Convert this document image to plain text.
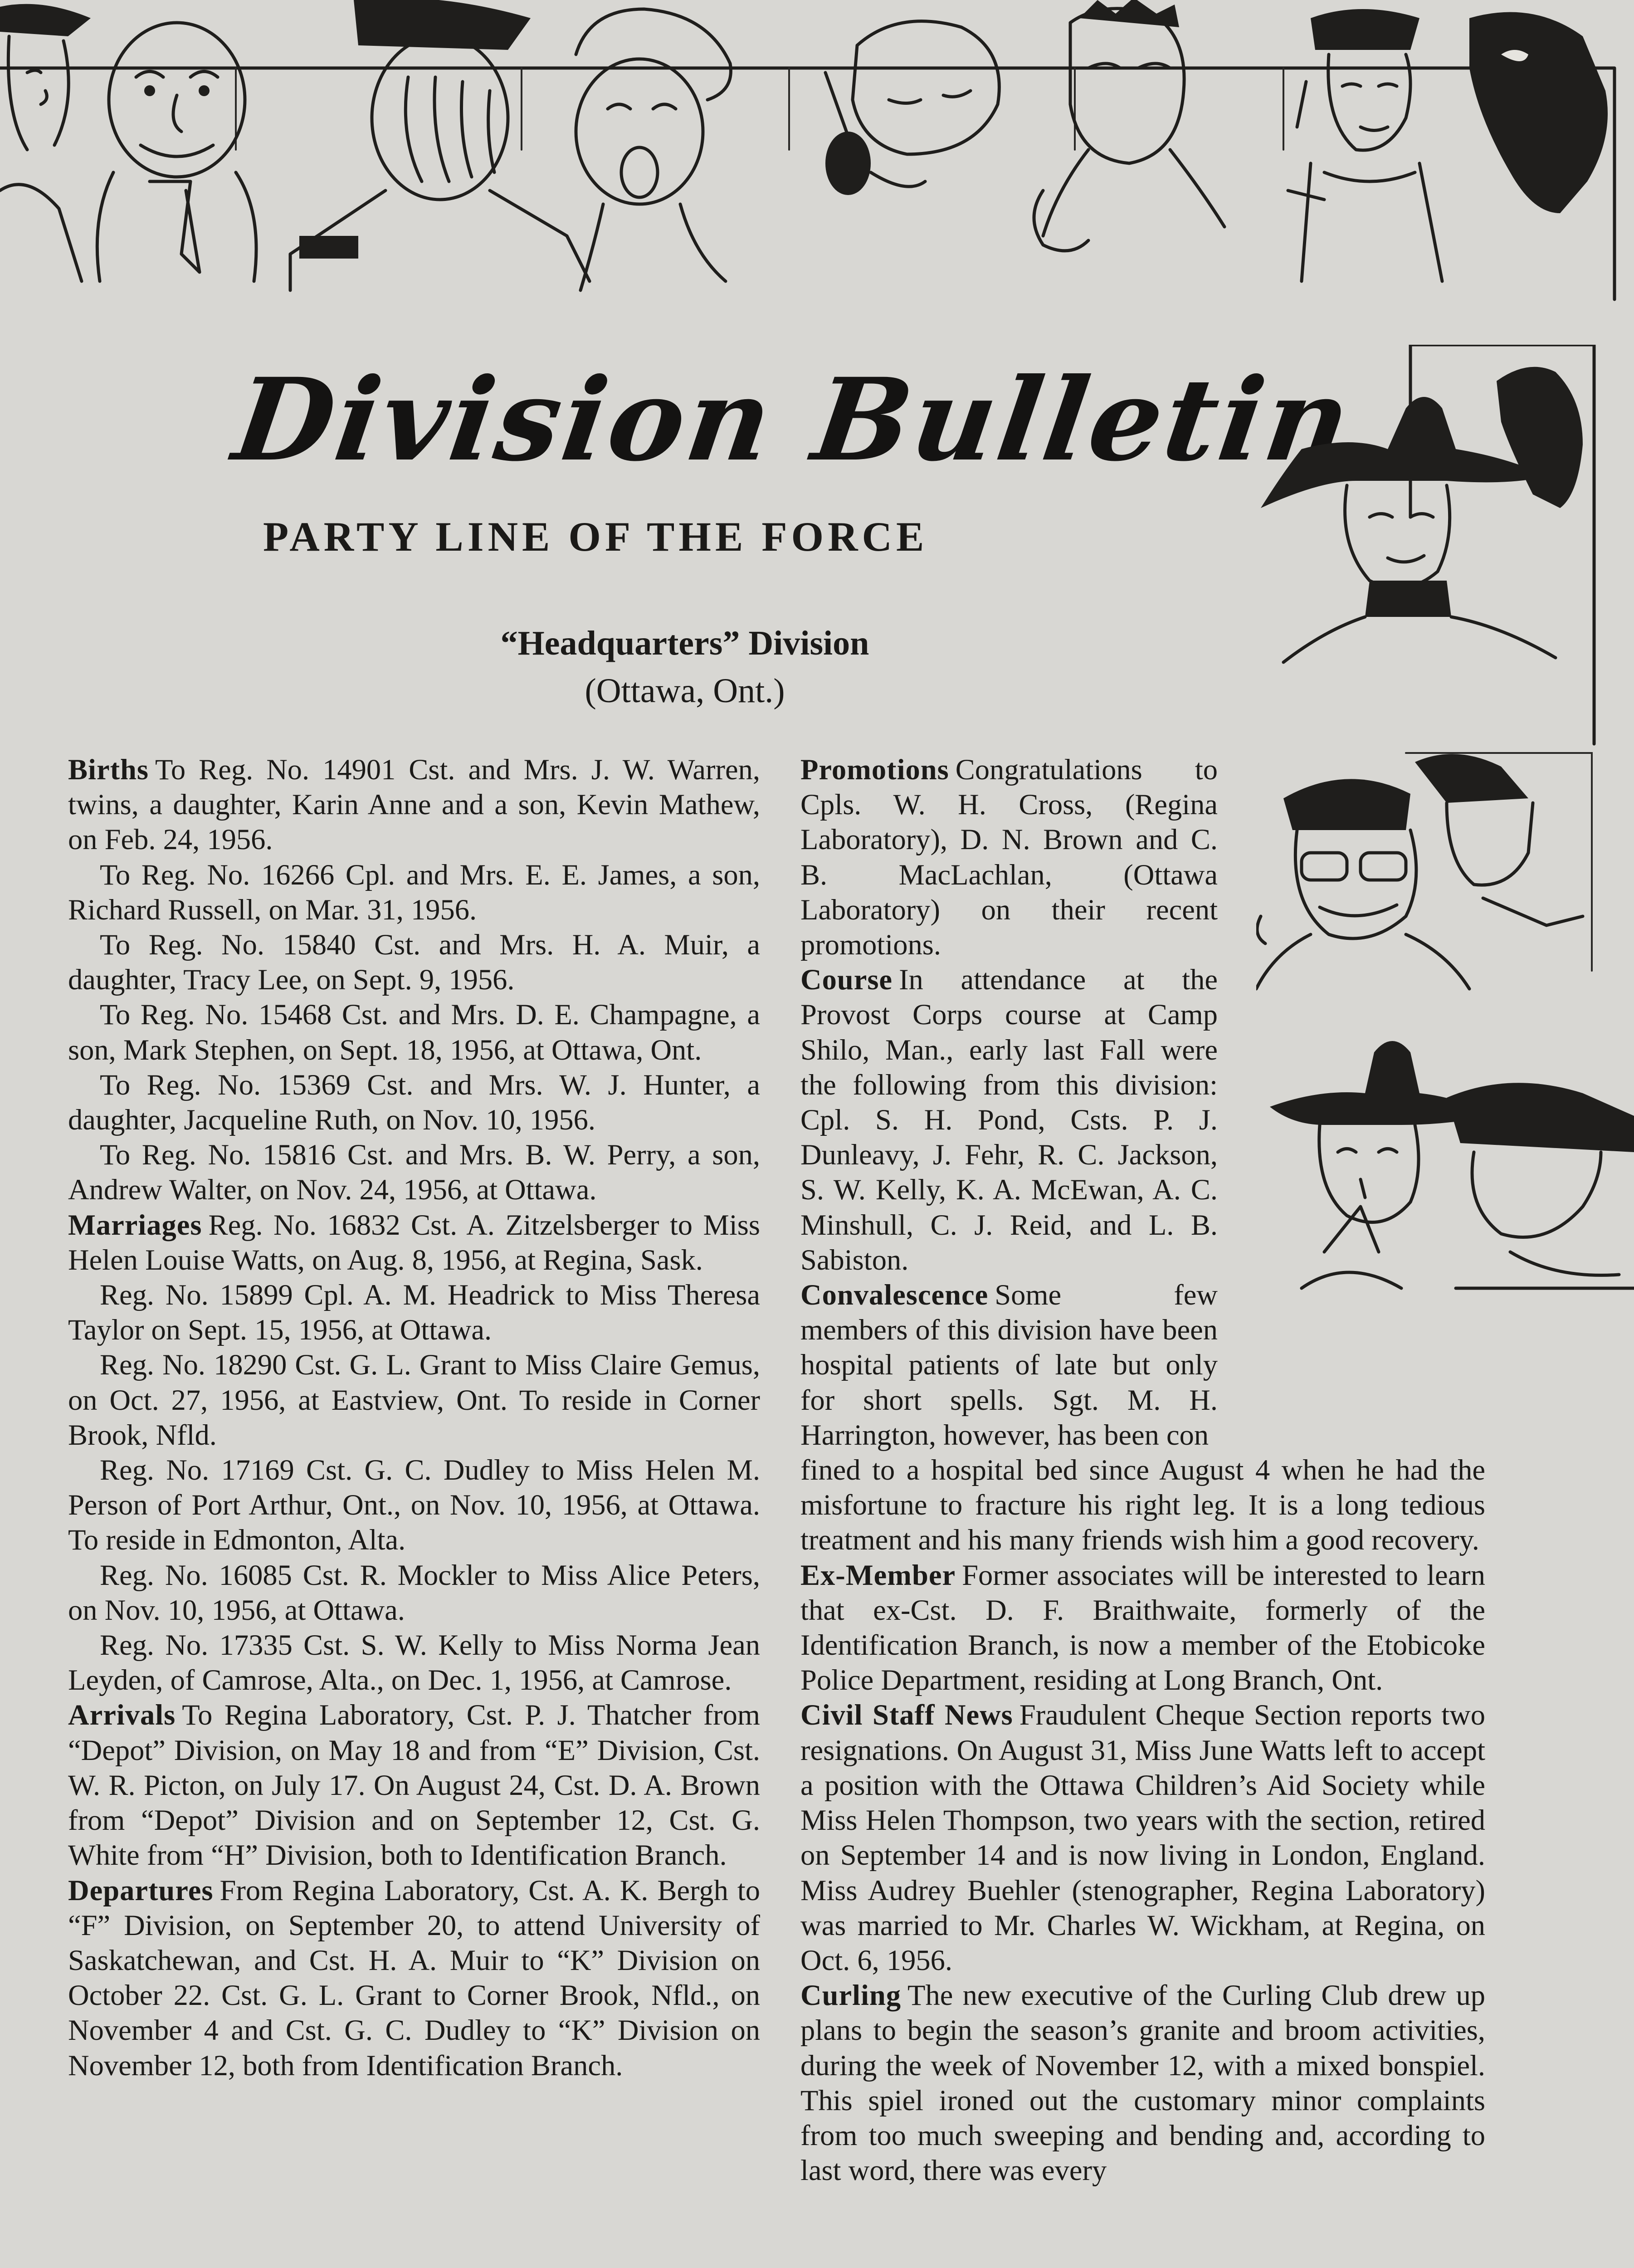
Division Bulletin
PARTY LINE OF THE FORCE
“Headquarters” Division
(Ottawa, Ont.)

Births To Reg. No. 14901 Cst. and Mrs. J. W. Warren, twins, a daughter, Karin Anne and a son, Kevin Mathew, on Feb. 24, 1956.

To Reg. No. 16266 Cpl. and Mrs. E. E. James, a son, Richard Russell, on Mar. 31, 1956.

To Reg. No. 15840 Cst. and Mrs. H. A. Muir, a daughter, Tracy Lee, on Sept. 9, 1956.

To Reg. No. 15468 Cst. and Mrs. D. E. Champagne, a son, Mark Stephen, on Sept. 18, 1956, at Ottawa, Ont.

To Reg. No. 15369 Cst. and Mrs. W. J. Hunter, a daughter, Jacqueline Ruth, on Nov. 10, 1956.

To Reg. No. 15816 Cst. and Mrs. B. W. Perry, a son, Andrew Walter, on Nov. 24, 1956, at Ottawa.

Marriages Reg. No. 16832 Cst. A. Zitzelsberger to Miss Helen Louise Watts, on Aug. 8, 1956, at Regina, Sask.

Reg. No. 15899 Cpl. A. M. Headrick to Miss Theresa Taylor on Sept. 15, 1956, at Ottawa.

Reg. No. 18290 Cst. G. L. Grant to Miss Claire Gemus, on Oct. 27, 1956, at Eastview, Ont. To reside in Corner Brook, Nfld.

Reg. No. 17169 Cst. G. C. Dudley to Miss Helen M. Person of Port Arthur, Ont., on Nov. 10, 1956, at Ottawa. To reside in Edmonton, Alta.

Reg. No. 16085 Cst. R. Mockler to Miss Alice Peters, on Nov. 10, 1956, at Ottawa.

Reg. No. 17335 Cst. S. W. Kelly to Miss Norma Jean Leyden, of Camrose, Alta., on Dec. 1, 1956, at Camrose.

Arrivals To Regina Laboratory, Cst. P. J. Thatcher from “Depot” Division, on May 18 and from “E” Division, Cst. W. R. Picton, on July 17. On August 24, Cst. D. A. Brown from “Depot” Division and on September 12, Cst. G. White from “H” Division, both to Identification Branch.

Departures From Regina Laboratory, Cst. A. K. Bergh to “F” Division, on September 20, to attend University of Saskatchewan, and Cst. H. A. Muir to “K” Division on October 22. Cst. G. L. Grant to Corner Brook, Nfld., on November 4 and Cst. G. C. Dudley to “K” Division on November 12, both from Identification Branch.

Promotions Congratulations to Cpls. W. H. Cross, (Regina Laboratory), D. N. Brown and C. B. MacLachlan, (Ottawa Laboratory) on their recent promotions.

Course In attendance at the Provost Corps course at Camp Shilo, Man., early last Fall were the following from this division: Cpl. S. H. Pond, Csts. P. J. Dunleavy, J. Fehr, R. C. Jackson, S. W. Kelly, K. A. McEwan, A. C. Minshull, C. J. Reid, and L. B. Sabiston.

Convalescence Some few members of this division have been hospital patients of late but only for short spells. Sgt. M. H. Harrington, however, has been con

fined to a hospital bed since August 4 when he had the misfortune to fracture his right leg. It is a long tedious treatment and his many friends wish him a good recovery.

Ex-Member Former associates will be interested to learn that ex-Cst. D. F. Braithwaite, formerly of the Identification Branch, is now a member of the Etobicoke Police Department, residing at Long Branch, Ont.

Civil Staff News Fraudulent Cheque Section reports two resignations. On August 31, Miss June Watts left to accept a position with the Ottawa Children’s Aid Society while Miss Helen Thompson, two years with the section, retired on September 14 and is now living in London, England. Miss Audrey Buehler (stenographer, Regina Laboratory) was married to Mr. Charles W. Wickham, at Regina, on Oct. 6, 1956.

Curling The new executive of the Curling Club drew up plans to begin the season’s granite and broom activities, during the week of November 12, with a mixed bonspiel. This spiel ironed out the customary minor complaints from too much sweeping and bending and, according to last word, there was every
